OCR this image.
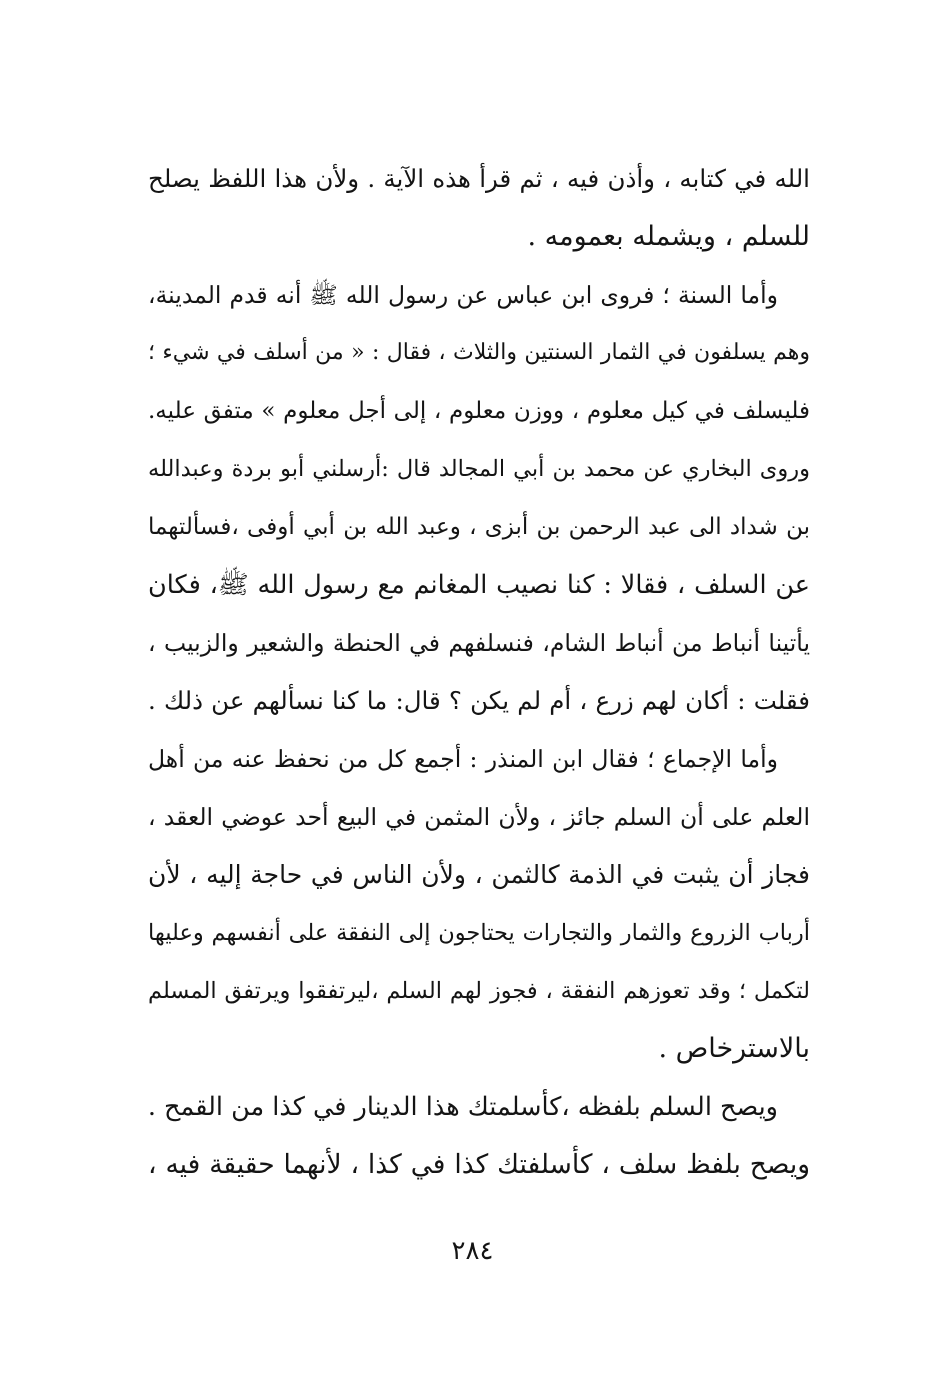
الله في كتابه ، وأذن فيه ، ثم قرأ هذه الآية . ولأن هذا اللفظ يصلح
للسلم ، ويشمله بعمومه .
وأما السنة ؛ فروى ابن عباس عن رسول الله ﷺ أنه قدم المدينة،
وهم يسلفون في الثمار السنتين والثلاث ، فقال : « من أسلف في شيء ؛
فليسلف في كيل معلوم ، ووزن معلوم ، إلى أجل معلوم » متفق عليه.
وروى البخاري عن محمد بن أبي المجالد قال :أرسلني أبو بردة وعبدالله
بن شداد الى عبد الرحمن بن أبزى ، وعبد الله بن أبي أوفى ،فسألتهما
عن السلف ، فقالا : كنا نصيب المغانم مع رسول الله ﷺ، فكان
يأتينا أنباط من أنباط الشام، فنسلفهم في الحنطة والشعير والزبيب ،
فقلت : أكان لهم زرع ، أم لم يكن ؟ قال: ما كنا نسألهم عن ذلك .
وأما الإجماع ؛ فقال ابن المنذر : أجمع كل من نحفظ عنه من أهل
العلم على أن السلم جائز ، ولأن المثمن في البيع أحد عوضي العقد ،
فجاز أن يثبت في الذمة كالثمن ، ولأن الناس في حاجة إليه ، لأن
أرباب الزروع والثمار والتجارات يحتاجون إلى النفقة على أنفسهم وعليها
لتكمل ؛ وقد تعوزهم النفقة ، فجوز لهم السلم ،ليرتفقوا ويرتفق المسلم
بالاسترخاص .
ويصح السلم بلفظه ،كأسلمتك هذا الدينار في كذا من القمح .
ويصح بلفظ سلف ، كأسلفتك كذا في كذا ، لأنهما حقيقة فيه ،
٢٨٤
